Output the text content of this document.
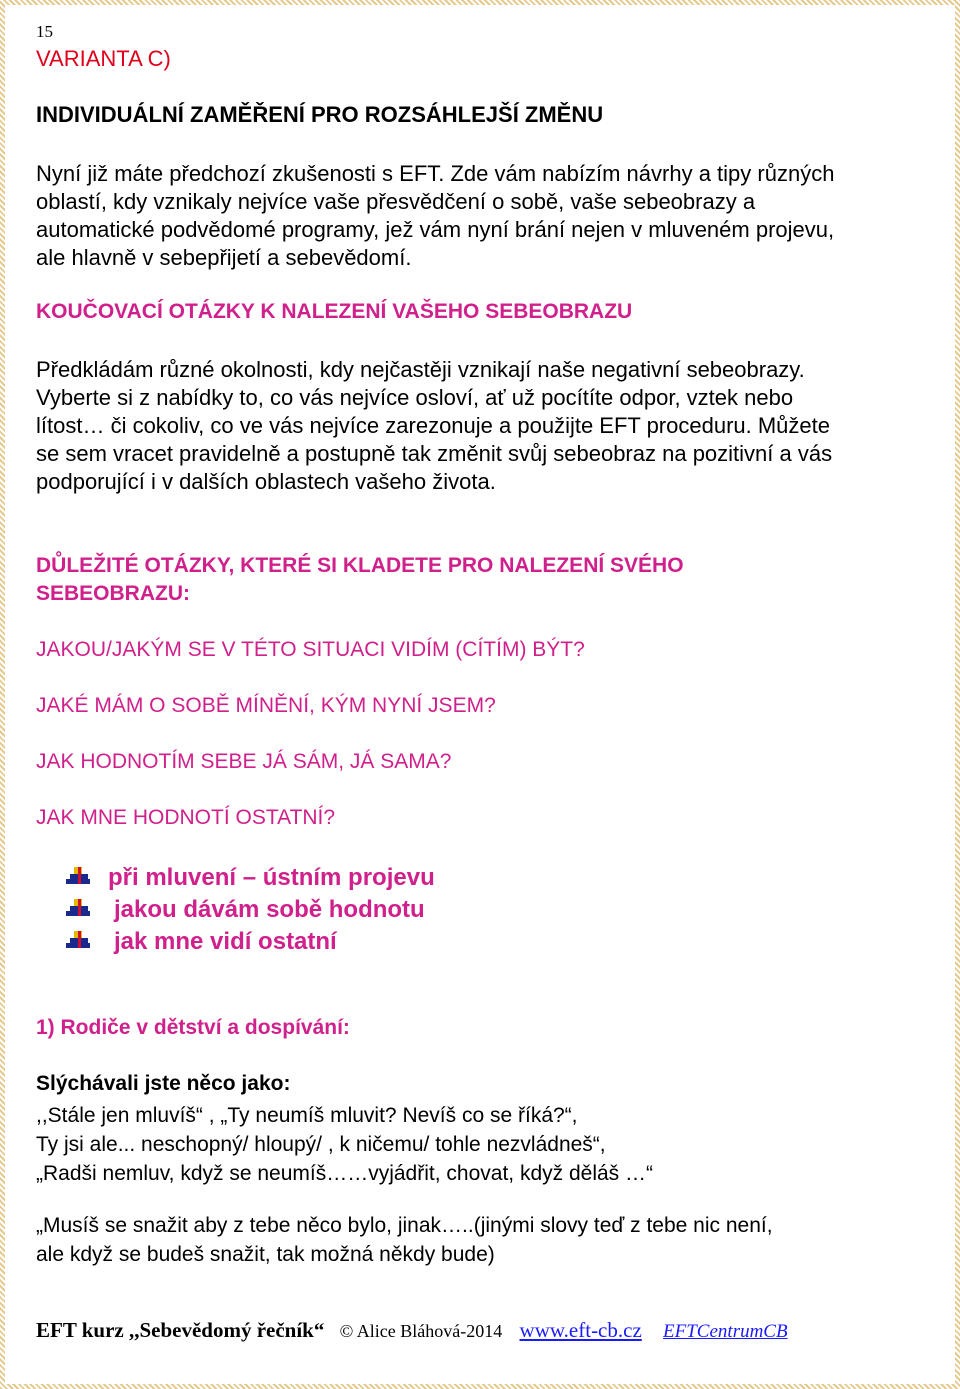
15
VARIANTA C)
INDIVIDUÁLNÍ ZAMĚŘENÍ PRO ROZSÁHLEJŠÍ ZMĚNU
Nyní již máte předchozí zkušenosti s EFT. Zde vám nabízím návrhy a tipy různých
oblastí, kdy vznikaly nejvíce vaše přesvědčení o sobě, vaše sebeobrazy a
automatické podvědomé programy, jež vám nyní brání nejen v mluveném projevu,
ale hlavně v sebepřijetí a sebevědomí.
KOUČOVACÍ OTÁZKY K NALEZENÍ VAŠEHO SEBEOBRAZU
Předkládám různé okolnosti, kdy nejčastěji vznikají naše negativní sebeobrazy.
Vyberte si z nabídky to, co vás nejvíce osloví, ať už pocítíte odpor, vztek nebo
lítost… či cokoliv, co ve vás nejvíce zarezonuje a použijte EFT proceduru. Můžete
se sem vracet pravidelně a postupně tak změnit svůj sebeobraz na pozitivní a vás
podporující i v dalších oblastech vašeho života.
DŮLEŽITÉ OTÁZKY, KTERÉ SI KLADETE PRO NALEZENÍ SVÉHO
SEBEOBRAZU:
JAKOU/JAKÝM SE V TÉTO SITUACI VIDÍM (CÍTÍM) BÝT?
JAKÉ MÁM O SOBĚ MÍNĚNÍ, KÝM NYNÍ JSEM?
JAK HODNOTÍM SEBE JÁ SÁM, JÁ SAMA?
JAK MNE HODNOTÍ OSTATNÍ?
při mluvení – ústním projevu
jakou dávám sobě hodnotu
jak mne vidí ostatní
1) Rodiče v dětství a dospívání:
Slýchávali jste něco jako:
,,Stále jen mluvíš“ , „Ty neumíš mluvit? Nevíš co se říká?“,
Ty jsi ale... neschopný/ hloupý/ , k ničemu/ tohle nezvládneš“,
„Radši nemluv, když se neumíš……vyjádřit, chovat, když děláš …“
„Musíš se snažit aby z tebe něco bylo, jinak…..(jinými slovy teď z tebe nic není,
ale když se budeš snažit, tak možná někdy bude)
EFT kurz ,,Sebevědomý řečník“ © Alice Bláhová-2014 www.eft-cb.cz EFTCentrumCB
